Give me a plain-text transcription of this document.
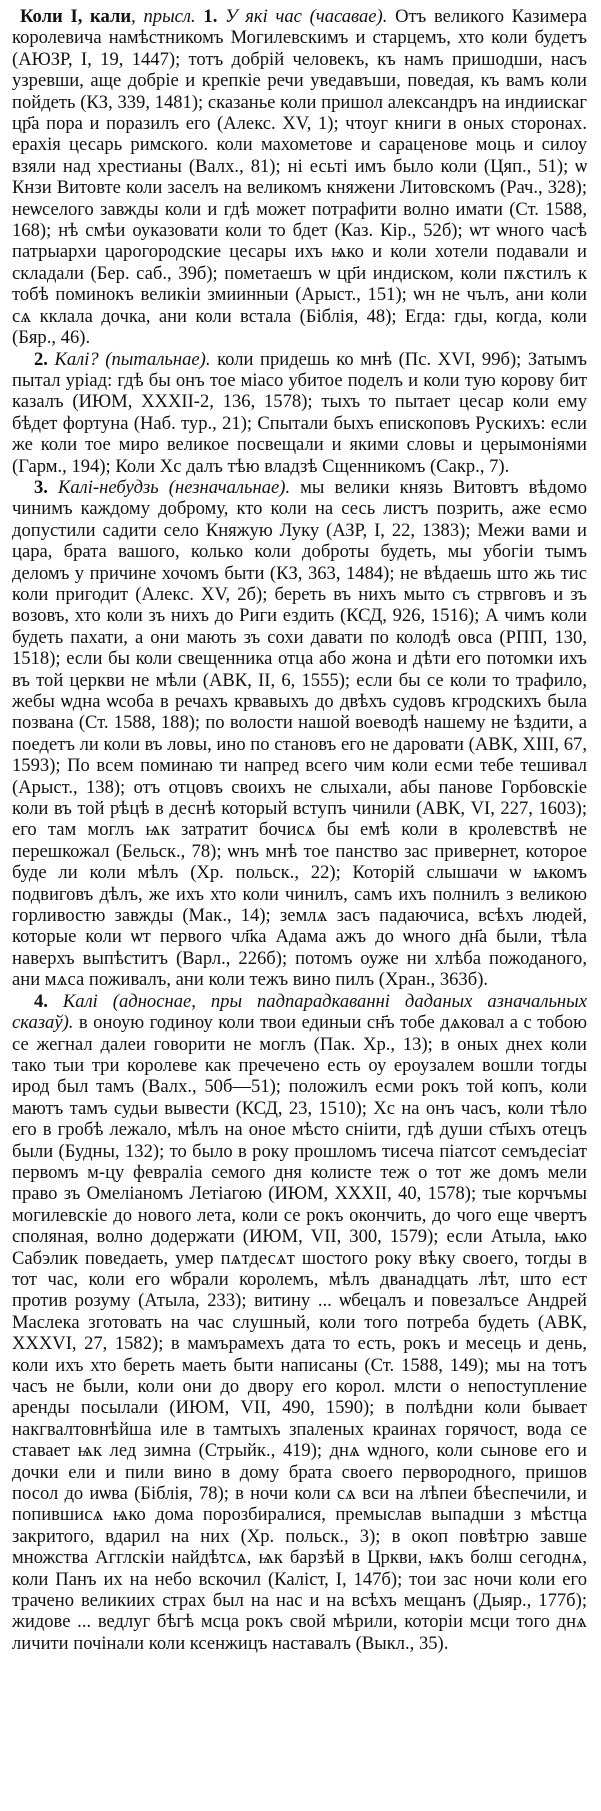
Коли I, кали, прысл. 1. У які час (часавае). Отъ великого Казимера королевича намѣстникомъ Могилевскимъ и старцемъ, хто коли будетъ (АЮЗР, I, 19, 1447); тотъ добрій человекъ, къ намъ пришодши, насъ узревши, аще добріе и крепкіе речи уведавъши, поведая, къ вамъ коли пойдеть (КЗ, 339, 1481); сказанье коли пришол александръ на индиискаг цр҃а пора и поразилъ его (Алекс. XV, 1); чтоуг книги в оных сторонах. ерахія цесарь римского. коли махометове и сараценове моць и силоу взяли над хрестианы (Валх., 81); ні есьті имъ было коли (Цяп., 51); ѡ Кнзи Витовте коли заселъ на великомъ княжени Литовскомъ (Рач., 328); неѡселого завжды коли и гдѣ может потрафити волно имати (Ст. 1588, 168); нѣ смѣи оуказовати коли то бдет (Каз. Кір., 52б); ѡт ѡного часѣ патрыархи царогородские цесары ихъ ѩко и коли хотели подавали и складали (Бер. саб., 39б); пометаешъ ѡ цр҃и индиском, коли пѫстилъ к тобѣ поминокъ великіи змиинныи (Арыст., 151); ѡн не чълъ, ани коли сѧ кклала дочка, ани коли встала (Біблія, 48); Егда: гды, когда, коли (Бяр., 46).

2. Калі? (пытальнае). коли придешь ко мнѣ (Пс. XVI, 99б); Затымъ пытал уріад: гдѣ бы онъ тое міасо убитое поделъ и коли тую корову бит казалъ (ИЮМ, XXXII-2, 136, 1578); тыхъ то пытает цесар коли ему бѣдет фортуна (Наб. тур., 21); Спытали быхъ епископовъ Рускихъ: если же коли тое миро великое посвещали и якими словы и церымоніями (Гарм., 194); Коли Хс далъ тѣю владзѣ Сщенникомъ (Сакр., 7).

3. Калі-небудзь (незначальнае). мы велики князь Витовтъ вѣдомо чинимъ каждому доброму, кто коли на сесь листъ позрить, аже есмо допустили садити село Княжую Луку (АЗР, I, 22, 1383); Межи вами и цара, брата вашого, колько коли доброты будеть, мы убогіи тымъ деломъ у причине хочомъ быти (КЗ, 363, 1484); не вѣдаешь што жь тис коли пригодит (Алекс. XV, 2б); береть въ нихъ мыто съ стрвговъ и зъ возовъ, хто коли зъ нихъ до Риги ездить (КСД, 926, 1516); А чимъ коли будеть пахати, а они мають зъ сохи давати по колодѣ овса (РПП, 130, 1518); если бы коли свещенника отца або жона и дѣти его потомки ихъ въ той церкви не мѣли (АВК, II, 6, 1555); если бы се коли то трафило, жебы ѡдна ѡсоба в речахъ крвавыхъ до двѣхъ судовъ кгродскихъ была позвана (Ст. 1588, 188); по волости нашой воеводѣ нашему не ѣздити, а поедетъ ли коли въ ловы, ино по становъ его не даровати (АВК, XIII, 67, 1593); По всем поминаю ти напред всего чим коли есми тебе тешивал (Арыст., 138); отъ отцовъ своихъ не слыхали, абы панове Горбовскіе коли въ той рѣцѣ в деснѣ который вступъ чинили (АВК, VI, 227, 1603); его там моглъ ѩк затратит бочисѧ бы емѣ коли в кролевствѣ не перешкожал (Бельск., 78); ѡнъ мнѣ тое панство зас привернет, которое буде ли коли мѣлъ (Хр. польск., 22); Которій слышачи ѡ ѩкомъ подвиговъ дѣлъ, же ихъ хто коли чинилъ, самъ ихъ полнилъ з великою горливостю завжды (Мак., 14); землѧ засъ падаючиса, всѣхъ людей, которые коли ѡт первого чл҃ка Адама ажъ до ѡного дн҃а были, тѣла наверхъ выпѣститъ (Варл., 226б); потомъ оуже ни хлѣба пожоданого, ани мѧса поживалъ, ани коли тежъ вино пилъ (Хран., 363б).

4. Калі (адноснае, пры падпарадкаванні даданых азначальных сказаў). в оноую годиноу коли твои единыи сн҃ъ тобе дѧковал а с тобою се жегнал далеи говорити не моглъ (Пак. Хр., 13); в оных днех коли тако тыи три королеве как пречечено есть оу ероузалем вошли тогды ирод был тамъ (Валх., 50б—51); положилъ есми рокъ той копъ, коли маютъ тамъ судьи вывести (КСД, 23, 1510); Хс на онъ часъ, коли тѣло его в гробѣ лежало, мѣлъ на оное мѣсто снiити, гдѣ души ст҃ыхъ отецъ были (Будны, 132); то было в року прошломъ тисеча піатсот семъдесіат первомъ м-цу февраліа семого дня колисте теж о тот же домъ мели право зъ Омеліаномъ Летіагою (ИЮМ, XXXII, 40, 1578); тые корчъмы могилевскіе до нового лета, коли се рокъ окончить, до чого еще чвертъ споляная, волно додержати (ИЮМ, VII, 300, 1579); если Атыла, ѩко Сабэлик поведаеть, умер пѧтдесѧт шостого року вѣку своего, тогды в тот час, коли его ѡбрали королемъ, мѣлъ дванадцать лѣт, што ест против розуму (Атыла, 233); витину ... ѡбецалъ и повезалъсе Андрей Маслека зготовать на час слушный, коли того потреба будеть (АВК, XXXVI, 27, 1582); в мамърамехъ дата то есть, рокъ и месець и день, коли ихъ хто береть маеть быти написаны (Ст. 1588, 149); мы на тотъ часъ не были, коли они до двору его корол. млсти о непоступление аренды посылали (ИЮМ, VII, 490, 1590); в полѣдни коли бывает накгвалтовнѣйша иле в тамтыхъ зпаленых краинах горячост, вода се ставает ѩк лед зимна (Стрыйк., 419); днѧ ѡдного, коли сынове его и дочки ели и пили вино в дому брата своего первородного, пришов посол до иѡва (Біблія, 78); в ночи коли сѧ вси на лѣпеи бѣеспечили, и попившисѧ ѩко дома порозбиралися, премыслав выпадши з мѣстца закритого, вдарил на них (Хр. польск., 3); в окоп повѣтрю завше множства Агглскіи найдѣтсѧ, ѩк барзѣй в Цркви, ѩкъ болш сегоднѧ, коли Панъ их на небо вскочил (Каліст, I, 147б); тои зас ночи коли его трачено великиих страх был на нас и на всѣхъ мещанъ (Дыяр., 177б); жидове ... ведлуг бѣгѣ мсца рокъ свой мѣрили, которіи мсци того днѧ личити почінали коли ксенжицъ наставалъ (Выкл., 35).
